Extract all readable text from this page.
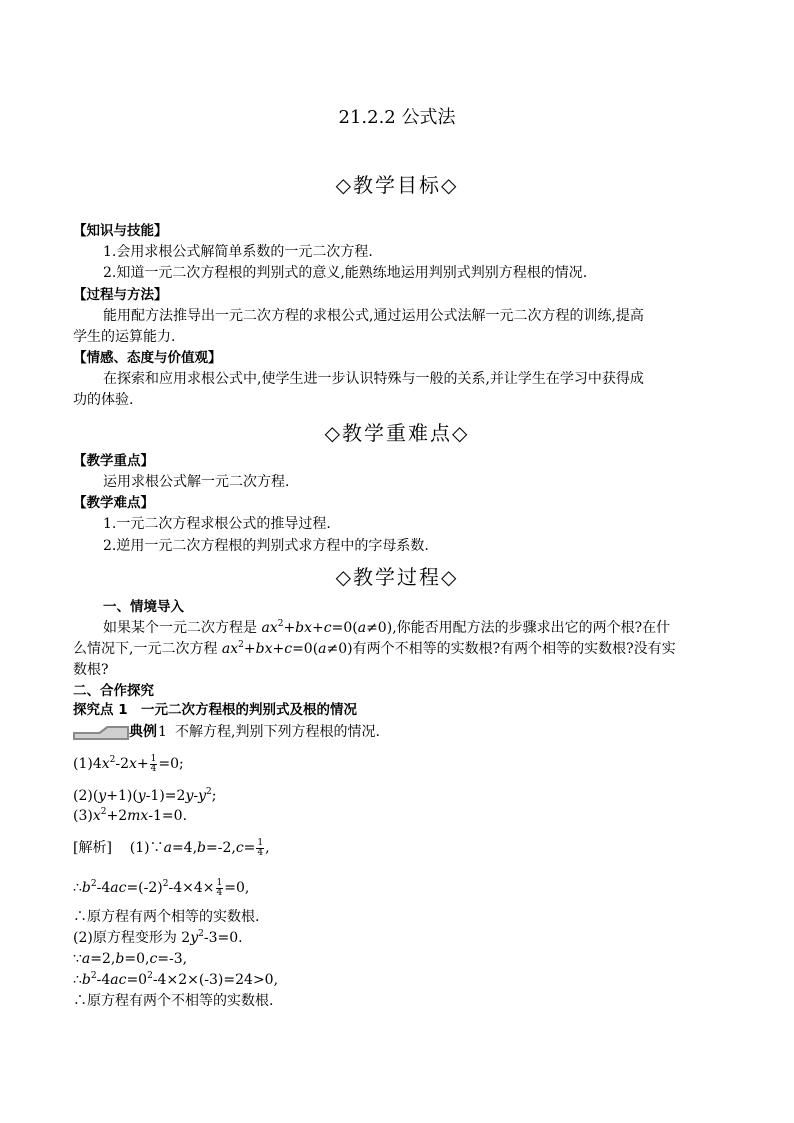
21.2.2 公式法
◇教学目标◇
【知识与技能】
1.会用求根公式解简单系数的一元二次方程.
2.知道一元二次方程根的判别式的意义,能熟练地运用判别式判别方程根的情况.
【过程与方法】
能用配方法推导出一元二次方程的求根公式,通过运用公式法解一元二次方程的训练,提高
学生的运算能力.
【情感、态度与价值观】
在探索和应用求根公式中,使学生进一步认识特殊与一般的关系,并让学生在学习中获得成
功的体验.
◇教学重难点◇
【教学重点】
运用求根公式解一元二次方程.
【教学难点】
1.一元二次方程求根公式的推导过程.
2.逆用一元二次方程根的判别式求方程中的字母系数.
◇教学过程◇
一、情境导入
如果某个一元二次方程是 $ax^2+bx+c=0(a\ne 0)$,你能否用配方法的步骤求出它的两个根?在什
么情况下,一元二次方程 $ax^2+bx+c=0(a\ne 0)$有两个不相等的实数根?有两个相等的实数根?没有实
数根?
二、合作探究
探究点 1 一元二次方程根的判别式及根的情况
典例 1 不解方程,判别下列方程根的情况.
$(1)4x^2-2x+ \frac{1}{4} =0$;
$(2)(y+1)(y-1)=2y-y^2$;
$(3)x^2+2mx-1=0$.
[解析]    (1)∵a=4,b=-2,c= $\frac{1}{4}$ ,
$\therefore b^2-4ac=(-2)^2-4\times 4\times \frac{1}{4} =0$,
∴原方程有两个相等的实数根.
(2)原方程变形为 $2y^2-3=0$.
∵a=2,b=0,c=-3,
$\therefore b^2-4ac=0^2-4\times 2\times(-3)=24>0$,
∴原方程有两个不相等的实数根.
